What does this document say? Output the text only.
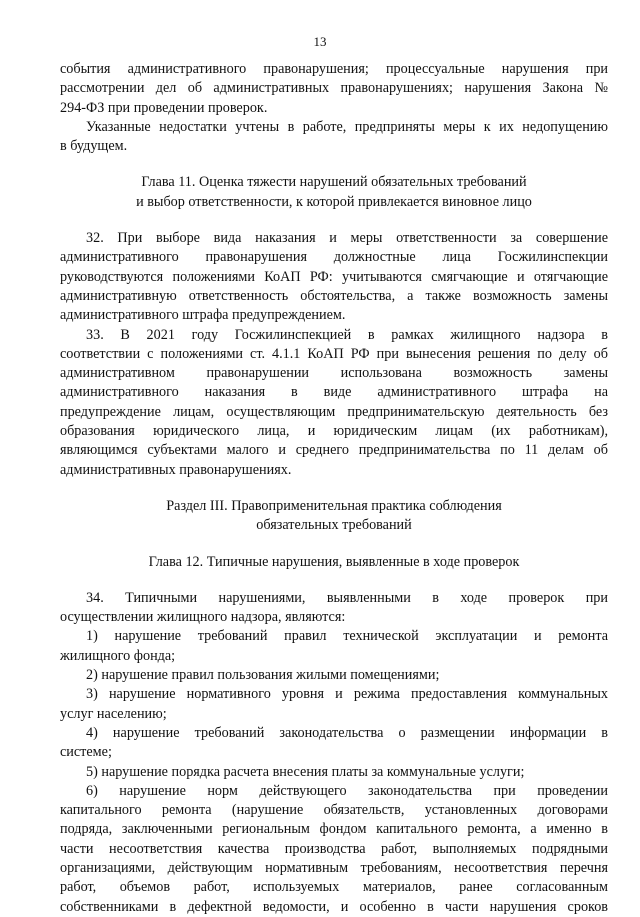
13

события административного правонарушения; процессуальные нарушения при
рассмотрении дел об административных правонарушениях; нарушения Закона №
294-ФЗ при проведении проверок.

Указанные недостатки учтены в работе, предприняты меры к их недопущению
в будущем.

Глава 11. Оценка тяжести нарушений обязательных требований
и выбор ответственности, к которой привлекается виновное лицо

32. При выборе вида наказания и меры ответственности за совершение
административного правонарушения должностные лица Госжилинспекции
руководствуются положениями КоАП РФ: учитываются смягчающие и отягчающие
административную ответственность обстоятельства, а также возможность замены
административного штрафа предупреждением.

33. В 2021 году Госжилинспекцией в рамках жилищного надзора в
соответствии с положениями ст. 4.1.1 КоАП РФ при вынесения решения по делу об
административном правонарушении использована возможность замены
административного наказания в виде административного штрафа на
предупреждение лицам, осуществляющим предпринимательскую деятельность без
образования юридического лица, и юридическим лицам (их работникам),
являющимся субъектами малого и среднего предпринимательства по 11 делам об
административных правонарушениях.

Раздел III. Правоприменительная практика соблюдения
обязательных требований
Глава 12. Типичные нарушения, выявленные в ходе проверок

34. Типичными нарушениями, выявленными в ходе проверок при
осуществлении жилищного надзора, являются:

1) нарушение требований правил технической эксплуатации и ремонта
жилищного фонда;

2) нарушение правил пользования жилыми помещениями;

3) нарушение нормативного уровня и режима предоставления коммунальных
услуг населению;

4) нарушение требований законодательства о размещении информации в
системе;

5) нарушение порядка расчета внесения платы за коммунальные услуги;

6) нарушение норм действующего законодательства при проведении
капитального ремонта (нарушение обязательств, установленных договорами
подряда, заключенными региональным фондом капитального ремонта, а именно в
части несоответствия качества производства работ, выполняемых подрядными
организациями, действующим нормативным требованиям, несоответствия перечня
работ, объемов работ, используемых материалов, ранее согласованным
собственниками в дефектной ведомости, и особенно в части нарушения сроков
